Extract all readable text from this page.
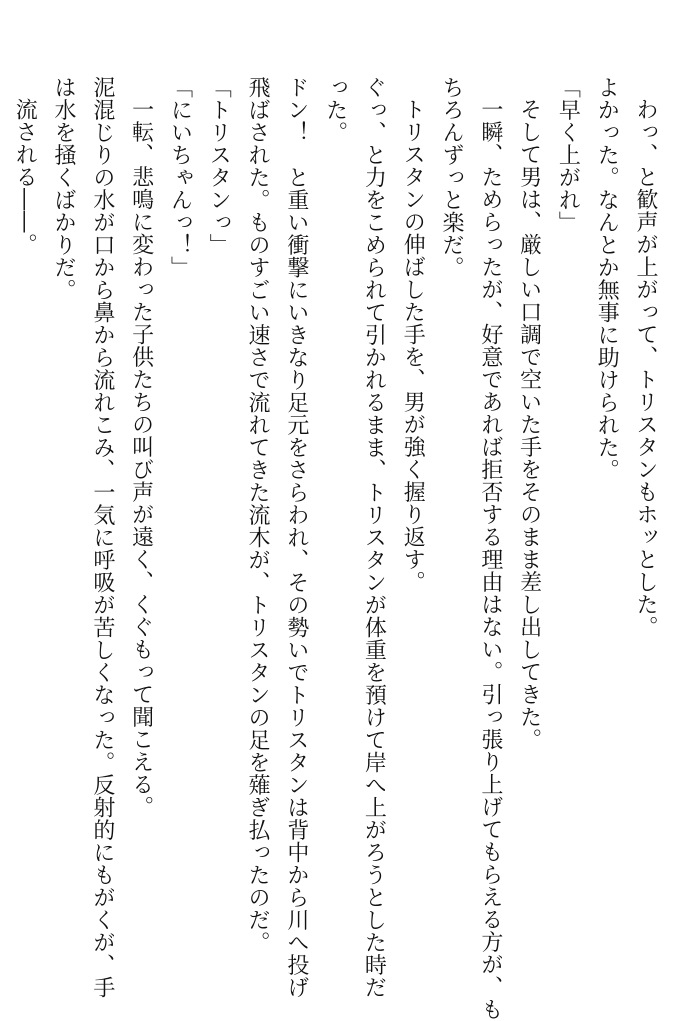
わっ、と歓声が上がって、トリスタンもホッとした。
よかった。なんとか無事に助けられた。
「早く上がれ」
そして男は、厳しい口調で空いた手をそのまま差し出してきた。
一瞬、ためらったが、好意であれば拒否する理由はない。引っ張り上げてもらえる方が、も
ちろんずっと楽だ。
トリスタンの伸ばした手を、男が強く握り返す。
ぐっ、と力をこめられて引かれるまま、トリスタンが体重を預けて岸へ上がろうとした時だ
った。
ドン！　と重い衝撃にいきなり足元をさらわれ、その勢いでトリスタンは背中から川へ投げ
飛ばされた。ものすごい速さで流れてきた流木が、トリスタンの足を薙ぎ払ったのだ。
「トリスタンっ」
「にいちゃんっ！」
一転、悲鳴に変わった子供たちの叫び声が遠く、くぐもって聞こえる。
泥混じりの水が口から鼻から流れこみ、一気に呼吸が苦しくなった。反射的にもがくが、手
は水を掻くばかりだ。
流される――。
